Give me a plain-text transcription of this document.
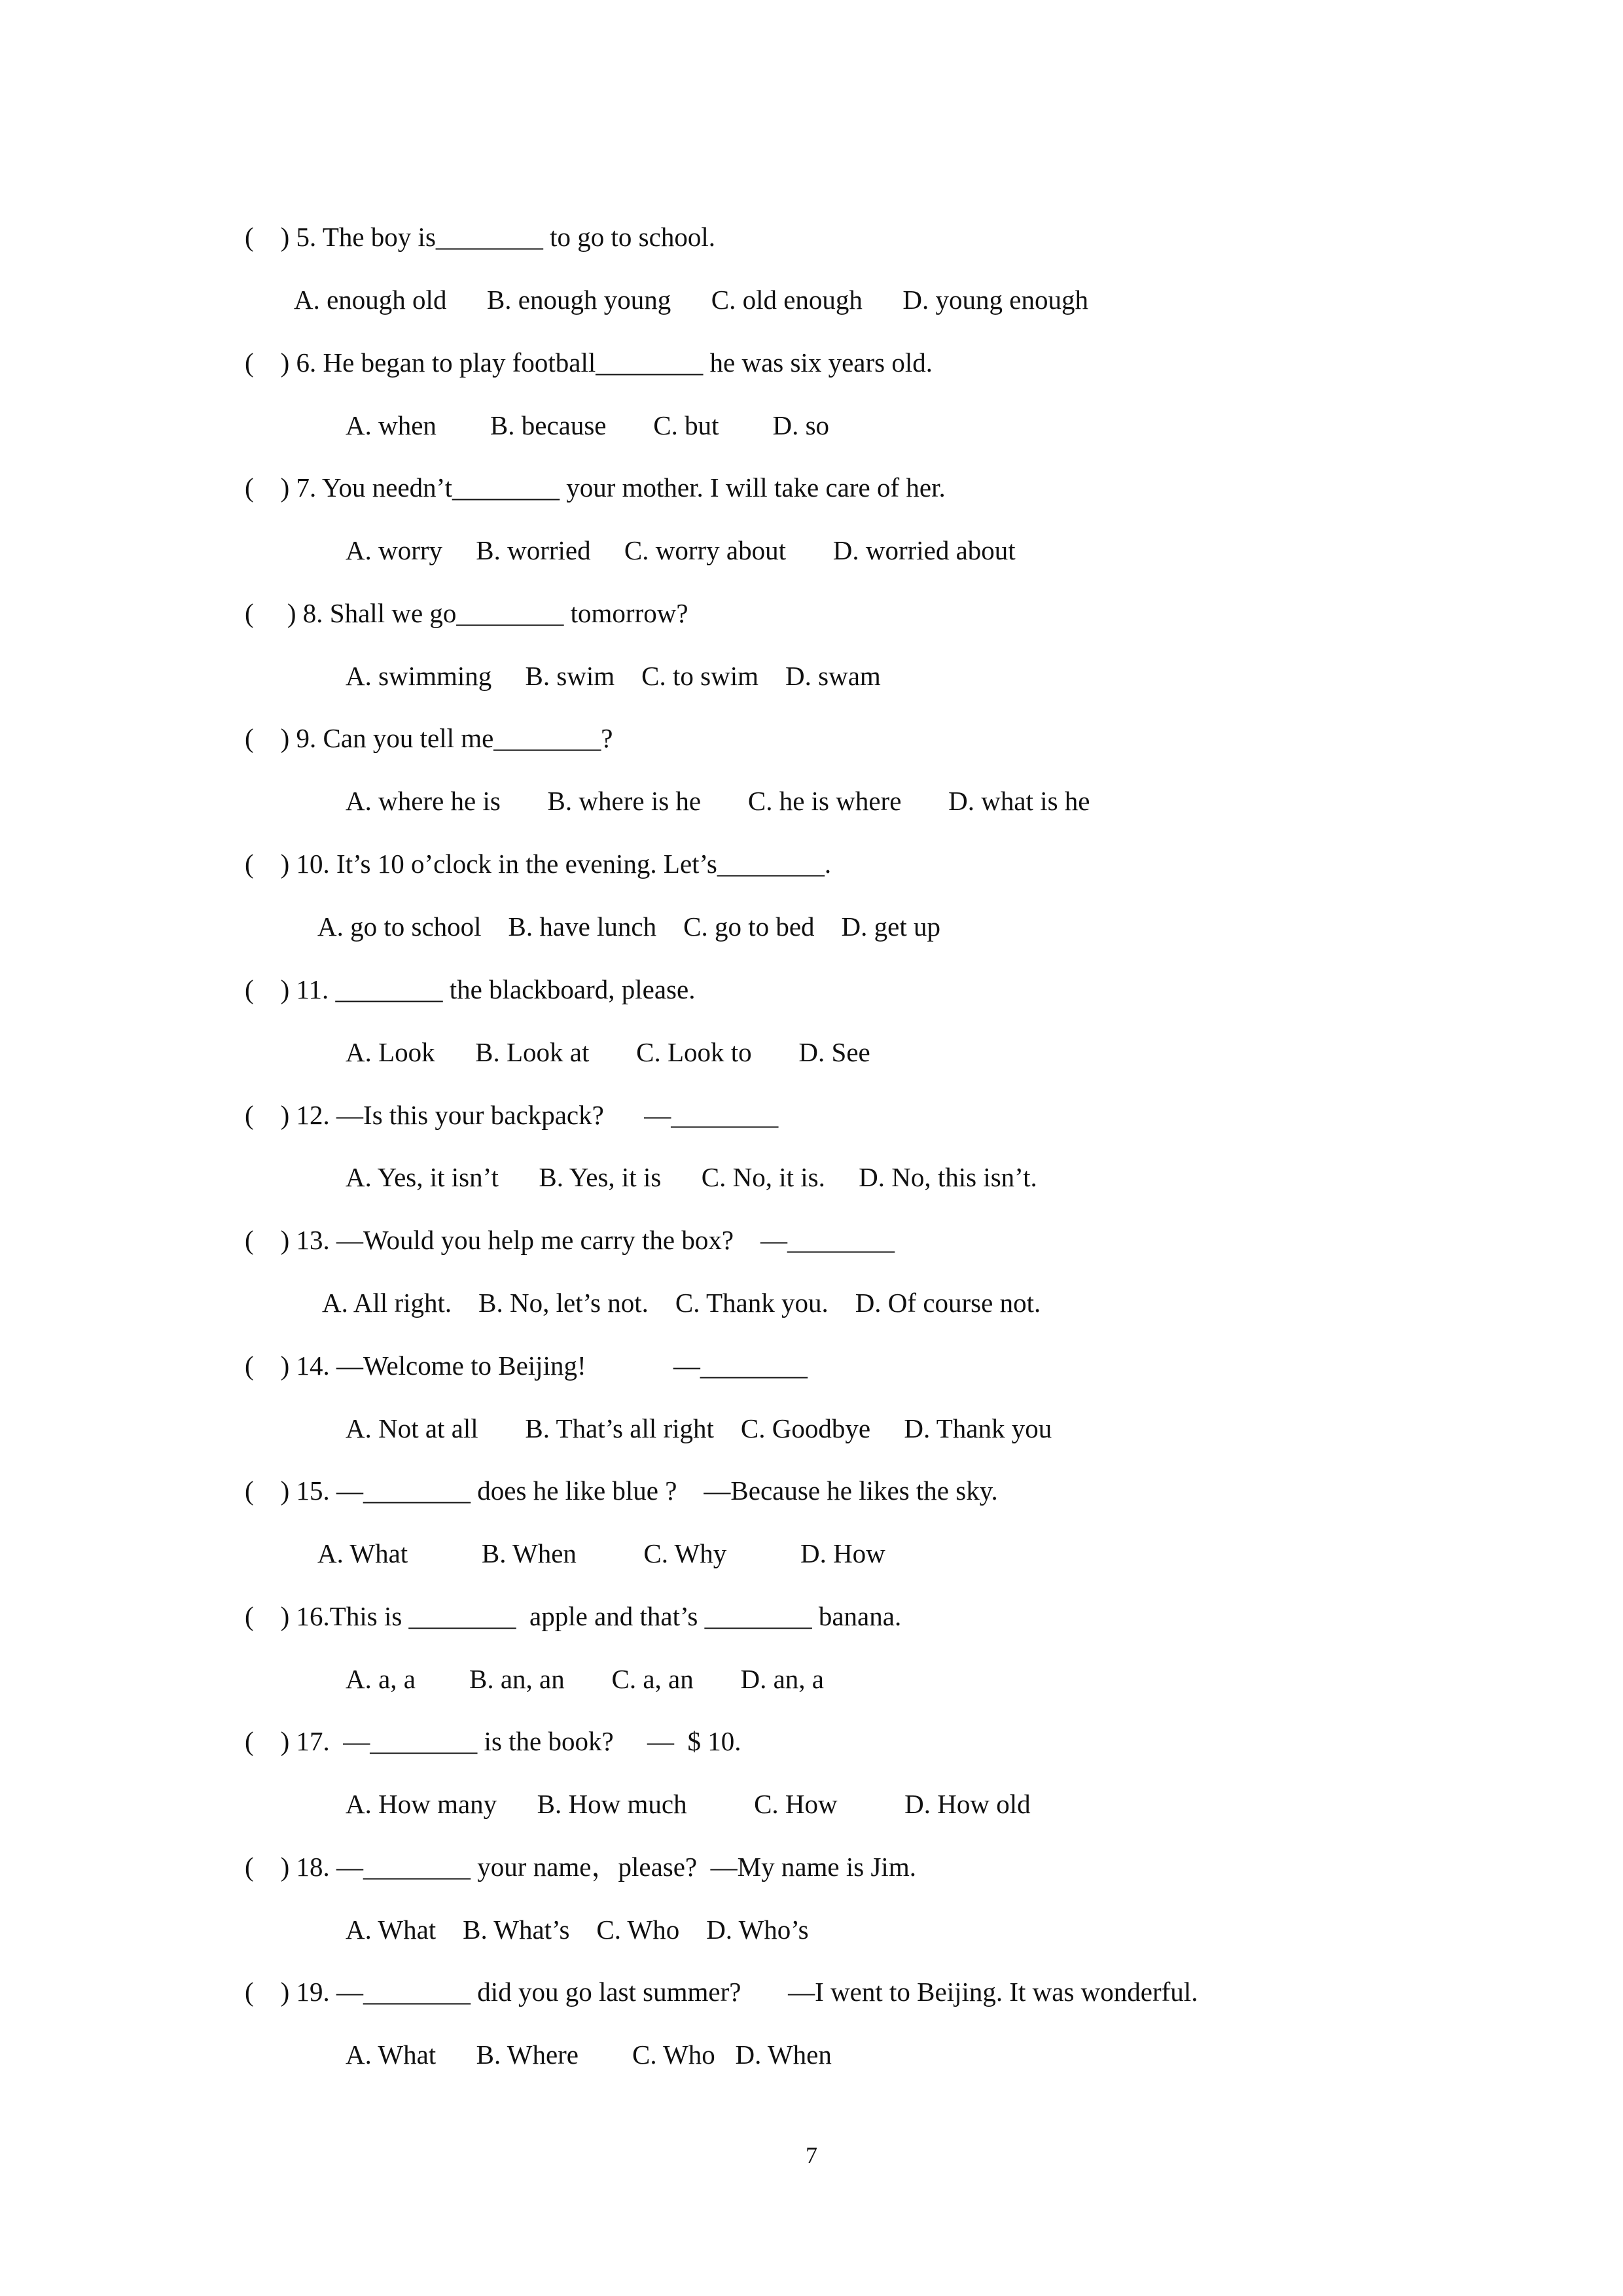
(    ) 5. The boy is________ to go to school.
A. enough old      B. enough young      C. old enough      D. young enough
(    ) 6. He began to play football________ he was six years old.
A. when        B. because       C. but        D. so
(    ) 7. You needn’t________ your mother. I will take care of her.
A. worry     B. worried     C. worry about       D. worried about
(     ) 8. Shall we go________ tomorrow?
A. swimming     B. swim    C. to swim    D. swam
(    ) 9. Can you tell me________?
A. where he is       B. where is he       C. he is where       D. what is he
(    ) 10. It’s 10 o’clock in the evening. Let’s________.
A. go to school    B. have lunch    C. go to bed    D. get up
(    ) 11. ________ the blackboard, please.
A. Look      B. Look at       C. Look to       D. See
(    ) 12. —Is this your backpack?      —________
A. Yes, it isn’t      B. Yes, it is      C. No, it is.     D. No, this isn’t.
(    ) 13. —Would you help me carry the box?    —________
A. All right.    B. No, let’s not.    C. Thank you.    D. Of course not.
(    ) 14. —Welcome to Beijing!             —________
A. Not at all       B. That’s all right    C. Goodbye     D. Thank you
(    ) 15. —________ does he like blue ?    —Because he likes the sky.
A. What           B. When          C. Why           D. How
(    ) 16.This is ________  apple and that’s ________ banana.
A. a, a        B. an, an       C. a, an       D. an, a
(    ) 17.  —________ is the book?     —  $ 10.
A. How many      B. How much          C. How          D. How old
(    ) 18. —________ your name，please?  —My name is Jim.
A. What    B. What’s    C. Who    D. Who’s
(    ) 19. —________ did you go last summer?       —I went to Beijing. It was wonderful.
A. What      B. Where        C. Who   D. When
7
